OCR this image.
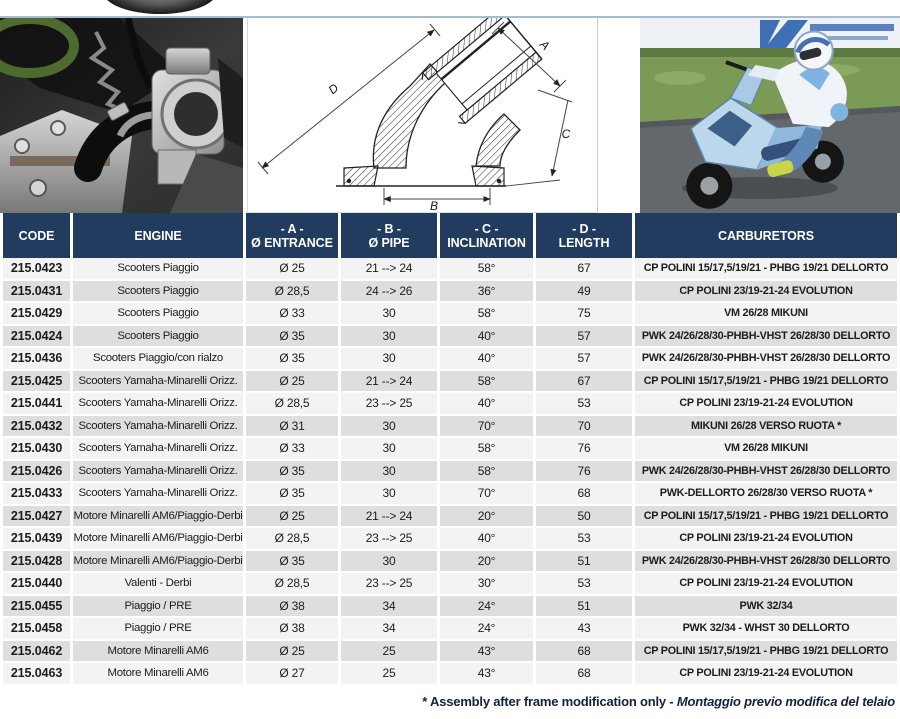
D
A
C
B
CODE	ENGINE	- A -
Ø ENTRANCE
- B -
Ø PIPE
- C -
INCLINATION
- D -
LENGTH	CARBURETORS
215.0423	Scooters Piaggio	Ø 25	21 --> 24	58°	67	CP POLINI 15/17,5/19/21 - PHBG 19/21 DELLORTO
215.0431	Scooters Piaggio	Ø 28,5	24 --> 26	36°	49	CP POLINI 23/19-21-24 EVOLUTION
215.0429	Scooters Piaggio	Ø 33	30	58°	75	VM 26/28 MIKUNI
215.0424	Scooters Piaggio	Ø 35	30	40°	57	PWK 24/26/28/30-PHBH-VHST 26/28/30 DELLORTO
215.0436	Scooters Piaggio/con rialzo	Ø 35	30	40°	57	PWK 24/26/28/30-PHBH-VHST 26/28/30 DELLORTO
215.0425	Scooters Yamaha-Minarelli Orizz.	Ø 25	21 --> 24	58°	67	CP POLINI 15/17,5/19/21 - PHBG 19/21 DELLORTO
215.0441	Scooters Yamaha-Minarelli Orizz.	Ø 28,5	23 --> 25	40°	53	CP POLINI 23/19-21-24 EVOLUTION
215.0432	Scooters Yamaha-Minarelli Orizz.	Ø 31	30	70°	70	MIKUNI 26/28 VERSO RUOTA *
215.0430	Scooters Yamaha-Minarelli Orizz.	Ø 33	30	58°	76	VM 26/28 MIKUNI
215.0426	Scooters Yamaha-Minarelli Orizz.	Ø 35	30	58°	76	PWK 24/26/28/30-PHBH-VHST 26/28/30 DELLORTO
215.0433	Scooters Yamaha-Minarelli Orizz.	Ø 35	30	70°	68	PWK-DELLORTO 26/28/30 VERSO RUOTA *
215.0427 Motore Minarelli AM6/Piaggio-Derbi	Ø 25	21 --> 24	20°	50	CP POLINI 15/17,5/19/21 - PHBG 19/21 DELLORTO
215.0439 Motore Minarelli AM6/Piaggio-Derbi	Ø 28,5	23 --> 25	40°	53	CP POLINI 23/19-21-24 EVOLUTION
215.0428 Motore Minarelli AM6/Piaggio-Derbi	Ø 35	30	20°	51	PWK 24/26/28/30-PHBH-VHST 26/28/30 DELLORTO
215.0440	Valenti - Derbi	Ø 28,5	23 --> 25	30°	53	CP POLINI 23/19-21-24 EVOLUTION
215.0455	Piaggio / PRE	Ø 38	34	24°	51	PWK 32/34
215.0458	Piaggio / PRE	Ø 38	34	24°	43	PWK 32/34 - WHST 30 DELLORTO
215.0462	Motore Minarelli AM6	Ø 25	25	43°	68	CP POLINI 15/17,5/19/21 - PHBG 19/21 DELLORTO
215.0463	Motore Minarelli AM6	Ø 27	25	43°	68	CP POLINI 23/19-21-24 EVOLUTION
* Assembly after frame modification only - Montaggio previo modifica del telaio
